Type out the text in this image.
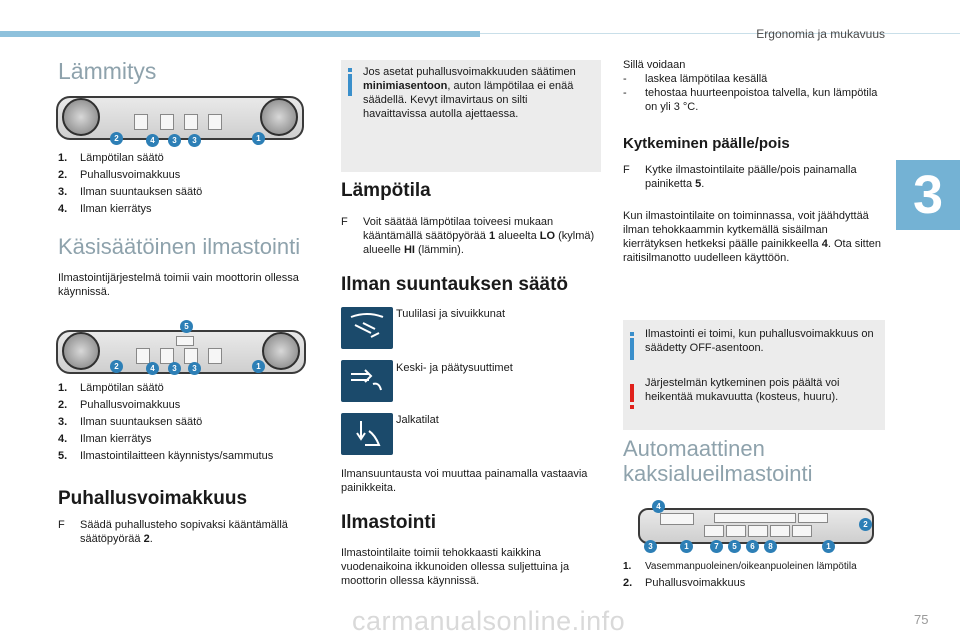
Ergonomia ja mukavuus
3
Lämmitys
2	4	3	3	1
1.	Lämpötilan säätö
2.	Puhallusvoimakkuus
3.	Ilman suuntauksen säätö
4.	Ilman kierrätys
Käsisäätöinen ilmastointi

Ilmastointijärjestelmä toimii vain moottorin ollessa käynnissä.

5
2	4	3	3	1
1.	Lämpötilan säätö
2.	Puhallusvoimakkuus
3.	Ilman suuntauksen säätö
4.	Ilman kierrätys
5.	Ilmastointilaitteen käynnistys/sammutus
Puhallusvoimakkuus
F	Säädä puhallusteho sopivaksi kääntämällä säätöpyörää 2.

Jos asetat puhallusvoimakkuuden säätimen minimiasentoon, auton lämpötilaa ei enää säädellä. Kevyt ilmavirtaus on silti havaittavissa autolla ajettaessa.

Lämpötila
F	Voit säätää lämpötilaa toiveesi mukaan kääntämällä säätöpyörää 1 alueelta LO (kylmä) alueelle HI (lämmin).
Ilman suuntauksen säätö
Tuulilasi ja sivuikkunat
Keski- ja päätysuuttimet
Jalkatilat

Ilmansuuntausta voi muuttaa painamalla vastaavia painikkeita.

Ilmastointi

Ilmastointilaite toimii tehokkaasti kaikkina vuodenaikoina ikkunoiden ollessa suljettuina ja moottorin ollessa käynnissä.

Sillä voidaan

-	laskea lämpötilaa kesällä
-	tehostaa huurteenpoistoa talvella, kun lämpötila on yli 3 °C.
Kytkeminen päälle/pois
F	Kytke ilmastointilaite päälle/pois painamalla painiketta 5.

Kun ilmastointilaite on toiminnassa, voit jäähdyttää ilman tehokkaammin kytkemällä sisäilman kierrätyksen hetkeksi päälle painikkeella 4. Ota sitten raitisilmanotto uudelleen käyttöön.

Ilmastointi ei toimi, kun puhallusvoimakkuus on säädetty OFF-asentoon.

Järjestelmän kytkeminen pois päältä voi heikentää mukavuutta (kosteus, huuru).

Automaattinen
kaksialueilmastointi
4
2
3	1	7	5	6	8	1
1.	Vasemmanpuoleinen/oikeanpuoleinen lämpötila
2.	Puhallusvoimakkuus
carmanualsonline.info	75
